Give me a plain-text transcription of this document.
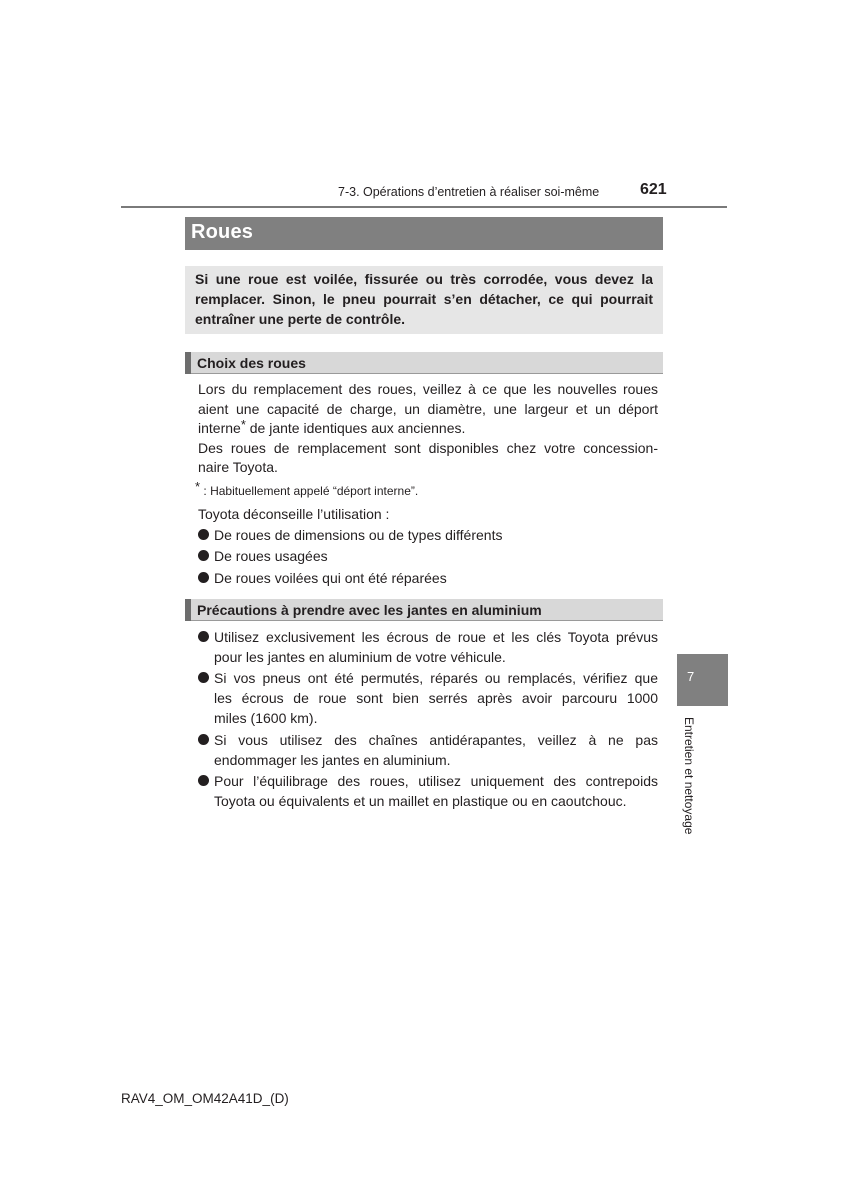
7-3. Opérations d’entretien à réaliser soi-même	621
Roues
Si une roue est voilée, fissurée ou très corrodée, vous devez la
remplacer. Sinon, le pneu pourrait s’en détacher, ce qui pourrait
entraîner une perte de contrôle.
Choix des roues
Lors du remplacement des roues, veillez à ce que les nouvelles roues
aient une capacité de charge, un diamètre, une largeur et un déport
interne* de jante identiques aux anciennes.
Des roues de remplacement sont disponibles chez votre concession-
naire Toyota.
* : Habituellement appelé “déport interne”.
Toyota déconseille l’utilisation :
De roues de dimensions ou de types différents
De roues usagées
De roues voilées qui ont été réparées
Précautions à prendre avec les jantes en aluminium
Utilisez exclusivement les écrous de roue et les clés Toyota prévus
pour les jantes en aluminium de votre véhicule.
Si vos pneus ont été permutés, réparés ou remplacés, vérifiez que
les écrous de roue sont bien serrés après avoir parcouru 1000
miles (1600 km).
Si vous utilisez des chaînes antidérapantes, veillez à ne pas
endommager les jantes en aluminium.
Pour l’équilibrage des roues, utilisez uniquement des contrepoids
Toyota ou équivalents et un maillet en plastique ou en caoutchouc.
7
Entretien et nettoyage
RAV4_OM_OM42A41D_(D)
